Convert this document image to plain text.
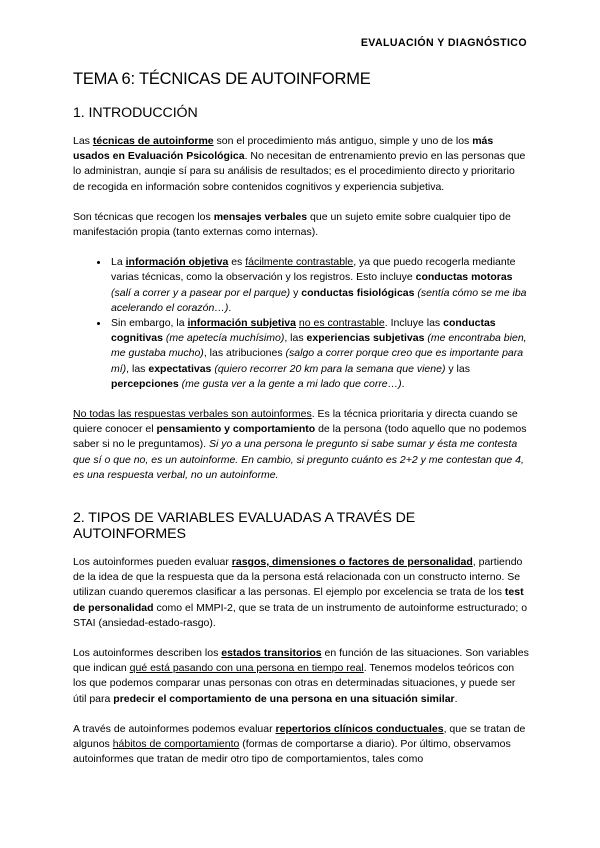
EVALUACIÓN Y DIAGNÓSTICO
TEMA 6: TÉCNICAS DE AUTOINFORME
1. INTRODUCCIÓN

Las técnicas de autoinforme son el procedimiento más antiguo, simple y uno de los más usados en Evaluación Psicológica. No necesitan de entrenamiento previo en las personas que lo administran, aunqie sí para su análisis de resultados; es el procedimiento directo y prioritario de recogida en información sobre contenidos cognitivos y experiencia subjetiva.

Son técnicas que recogen los mensajes verbales que un sujeto emite sobre cualquier tipo de manifestación propia (tanto externas como internas).

• La información objetiva es fácilmente contrastable, ya que puedo recogerla mediante varias técnicas, como la observación y los registros. Esto incluye conductas motoras (salí a correr y a pasear por el parque) y conductas fisiológicas (sentía cómo se me iba acelerando el corazón…).
• Sin embargo, la información subjetiva no es contrastable. Incluye las conductas cognitivas (me apetecía muchísimo), las experiencias subjetivas (me encontraba bien, me gustaba mucho), las atribuciones (salgo a correr porque creo que es importante para mí), las expectativas (quiero recorrer 20 km para la semana que viene) y las percepciones (me gusta ver a la gente a mi lado que corre…).

No todas las respuestas verbales son autoinformes. Es la técnica prioritaria y directa cuando se quiere conocer el pensamiento y comportamiento de la persona (todo aquello que no podemos saber si no le preguntamos). Si yo a una persona le pregunto si sabe sumar y ésta me contesta que sí o que no, es un autoinforme. En cambio, si pregunto cuánto es 2+2 y me contestan que 4, es una respuesta verbal, no un autoinforme.

2. TIPOS DE VARIABLES EVALUADAS A TRAVÉS DE AUTOINFORMES

Los autoinformes pueden evaluar rasgos, dimensiones o factores de personalidad, partiendo de la idea de que la respuesta que da la persona está relacionada con un constructo interno. Se utilizan cuando queremos clasificar a las personas. El ejemplo por excelencia se trata de los test de personalidad como el MMPI-2, que se trata de un instrumento de autoinforme estructurado; o STAI (ansiedad-estado-rasgo).

Los autoinformes describen los estados transitorios en función de las situaciones. Son variables que indican qué está pasando con una persona en tiempo real. Tenemos modelos teóricos con los que podemos comparar unas personas con otras en determinadas situaciones, y puede ser útil para predecir el comportamiento de una persona en una situación similar.

A través de autoinformes podemos evaluar repertorios clínicos conductuales, que se tratan de algunos hábitos de comportamiento (formas de comportarse a diario). Por último, observamos autoinformes que tratan de medir otro tipo de comportamientos, tales como
